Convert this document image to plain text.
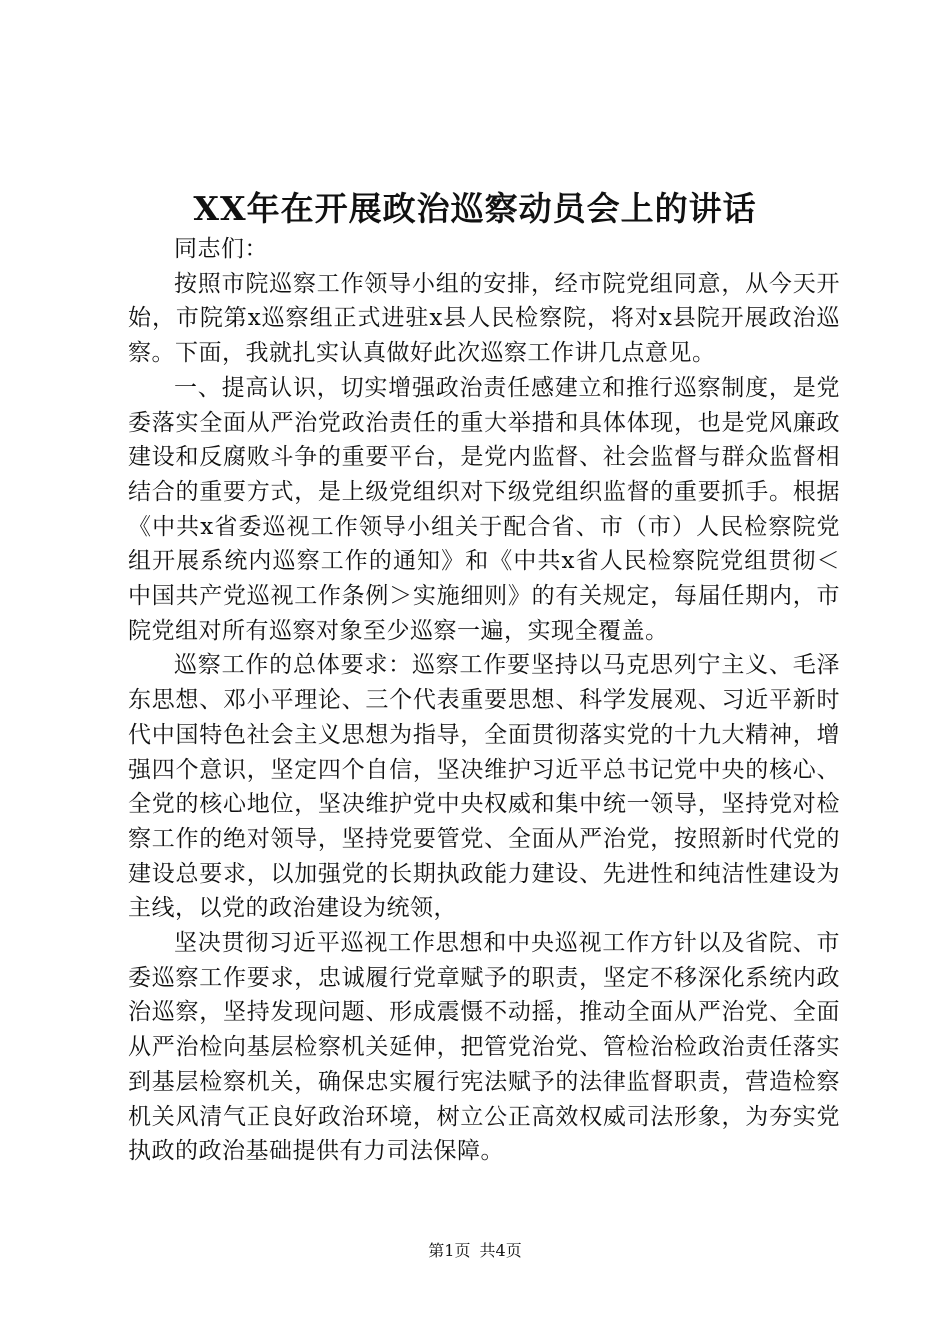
XX年在开展政治巡察动员会上的讲话

同志们：

按照市院巡察工作领导小组的安排，经市院党组同意，从今天开始，市院第x巡察组正式进驻x县人民检察院，将对x县院开展政治巡察。下面，我就扎实认真做好此次巡察工作讲几点意见。

一、提高认识，切实增强政治责任感建立和推行巡察制度，是党委落实全面从严治党政治责任的重大举措和具体体现，也是党风廉政建设和反腐败斗争的重要平台，是党内监督、社会监督与群众监督相结合的重要方式，是上级党组织对下级党组织监督的重要抓手。根据《中共x省委巡视工作领导小组关于配合省、市（市）人民检察院党组开展系统内巡察工作的通知》和《中共x省人民检察院党组贯彻＜中国共产党巡视工作条例＞实施细则》的有关规定，每届任期内，市院党组对所有巡察对象至少巡察一遍，实现全覆盖。

巡察工作的总体要求：巡察工作要坚持以马克思列宁主义、毛泽东思想、邓小平理论、三个代表重要思想、科学发展观、习近平新时代中国特色社会主义思想为指导，全面贯彻落实党的十九大精神，增强四个意识，坚定四个自信，坚决维护习近平总书记党中央的核心、全党的核心地位，坚决维护党中央权威和集中统一领导，坚持党对检察工作的绝对领导，坚持党要管党、全面从严治党，按照新时代党的建设总要求，以加强党的长期执政能力建设、先进性和纯洁性建设为主线，以党的政治建设为统领，

坚决贯彻习近平巡视工作思想和中央巡视工作方针以及省院、市委巡察工作要求，忠诚履行党章赋予的职责，坚定不移深化系统内政治巡察，坚持发现问题、形成震慑不动摇，推动全面从严治党、全面从严治检向基层检察机关延伸，把管党治党、管检治检政治责任落实到基层检察机关，确保忠实履行宪法赋予的法律监督职责，营造检察机关风清气正良好政治环境，树立公正高效权威司法形象，为夯实党执政的政治基础提供有力司法保障。

第1页 共4页
